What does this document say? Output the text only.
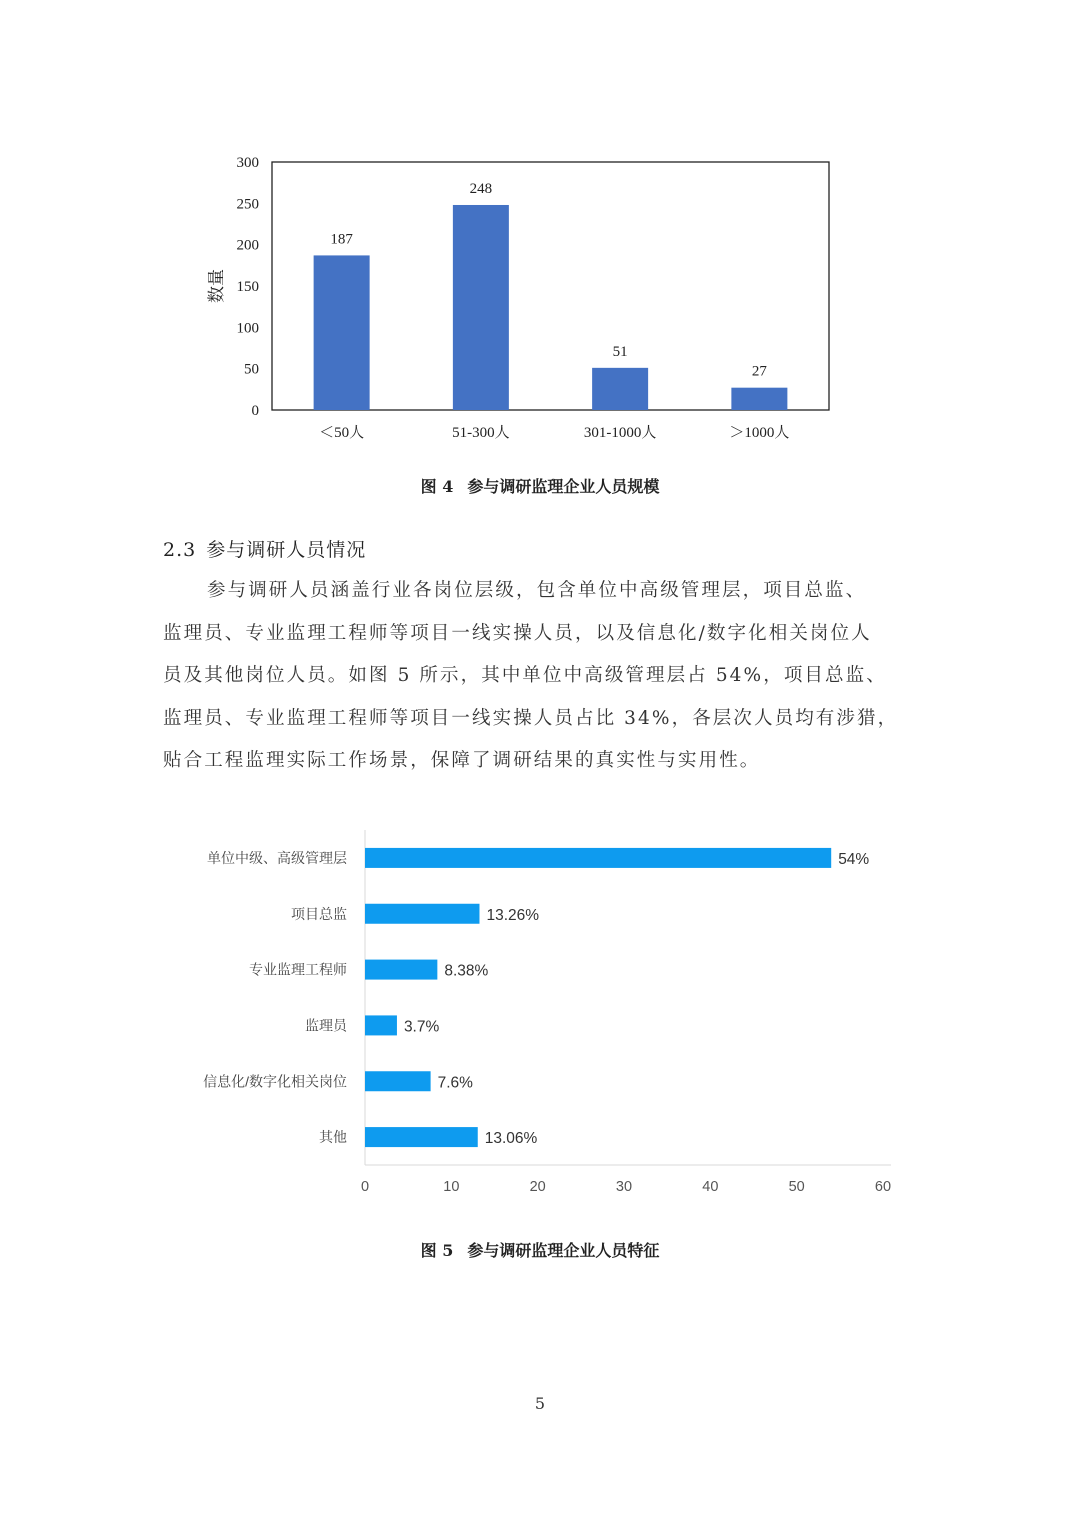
0
50
100
150
200
250
300
187
＜50人
248
51-300人
51
301-1000人
27
＞1000人
数量
图 4 参与调研监理企业人员规模
2.3 参与调研人员情况
参与调研人员涵盖行业各岗位层级，包含单位中高级管理层，项目总监、
监理员、专业监理工程师等项目一线实操人员，以及信息化/数字化相关岗位人
员及其他岗位人员。如图 5 所示，其中单位中高级管理层占 54%，项目总监、
监理员、专业监理工程师等项目一线实操人员占比 34%，各层次人员均有涉猎，
贴合工程监理实际工作场景，保障了调研结果的真实性与实用性。
54%
单位中级、高级管理层
13.26%
项目总监
8.38%
专业监理工程师
3.7%
监理员
7.6%
信息化/数字化相关岗位
13.06%
其他
0	10	20	30	40	50	60
图 5 参与调研监理企业人员特征
5
